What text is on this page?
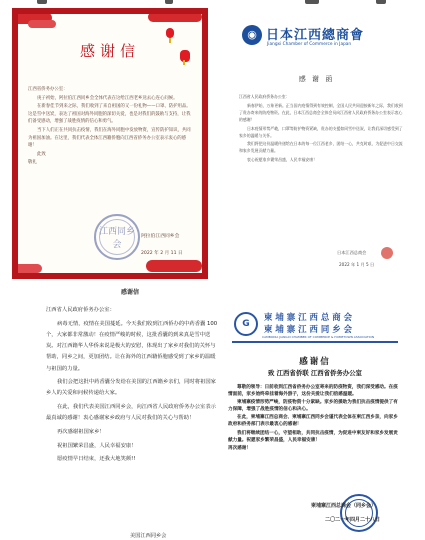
感谢信

江西省侨务办公室：

庚子初始，阿拉伯江西同乡会全体代表在这给江西老乡送去心连心问候。

在新春佳节到来之际，我们收到了来自祖国的又一份礼物——口罩、防护用品。这是雪中送炭，表达了祖国对海外同胞的深切关爱，也是对我们的鼓励与支持，让我们备受感动，增强了战胜疫情的信心和勇气。

当下人们正在共同抗击疫情，我们在海外同胞中发放物资，宣传防护知识，共同为祖国加油。在这里，我们代表全体江西籍侨胞向江西省侨务办公室表示衷心的感谢！

此致

敬礼

江西同乡会
阿拉伯江西同乡会
2022 年 2 月 11 日
◉ 日本江西總商會
Jiangxi Chamber of Commerce in Japan
感 谢 函

江西省人民政府侨务办公室：

新春伊始，万象更新。正当国内疫情得到有效控制，全国人民共同迎接新年之际，我们收到了贵办寄来的防疫物资。在此，日本江西总商会全体会员向江西省人民政府侨务办公室表示衷心的感谢！

日本疫情形势严峻，口罩等防护物资紧缺，贵办的支援如同雪中送炭，让我们深切感受到了家乡的温暖与关怀。

我们将把这份温暖传递给在日本的每一位江西老乡，团结一心，共克时艰，为促进中日交流和家乡发展贡献力量。

衷心祝愿家乡繁荣昌盛，人民幸福安康！

日本江西总商会
2022 年 1 月 5 日
感谢信

江西省人民政府侨务办公室：

病毒无情，疫情在美国蔓延。今天我们收到江西侨办的中药香囊 100 个，大家都非常激动！在疫情严峻的时候，这批香囊的到来真是雪中送炭。对江西籍华人华侨来说是极大的安慰，体现出了家乡对我们的关怀与帮助，同乡之间，更加团结。让在海外的江西籍侨胞感受到了家乡的温暖与祖国的力量。

我们会把这批中药香囊分发给在美国的江西籍乡亲们，同时将祖国家乡人的关爱和问候传递给大家。

在此，我们代表美国江西同乡会，向江西省人民政府侨务办公室表示最真诚的感谢！衷心感谢家乡政府与人民对我们的关心与帮助！

再次感谢祖国家乡！

祝祖国繁荣昌盛，人民幸福安康！

愿疫情早日结束，还我大地笑颜!!

美国江西同乡会
G
柬埔寨江西总商会
柬埔寨江西同乡会
CAMBODIA JIANGXI CHAMBER OF COMMERCE & HOMETOWN ASSOCIATION
感谢信
致 江西省侨联 江西省侨务办公室

尊敬的领导：日前收到江西省侨务办公室寄来的防疫物资，我们深受感动。在疫情面前，家乡始终牵挂着海外游子，这份关爱让我们倍感温暖。

柬埔寨疫情形势严峻，防疫物资十分紧缺。家乡的援助为我们抗击疫情提供了有力保障，增强了战胜疫情的信心和决心。

在此，柬埔寨江西总商会、柬埔寨江西同乡会谨代表全体在柬江西乡亲，向家乡政府和侨务部门表示最衷心的感谢！

我们将继续团结一心，守望相助，共同抗击疫情，为促进中柬友好和家乡发展贡献力量。祝愿家乡繁荣昌盛，人民幸福安康！

再次感谢！

柬埔寨江西总商会（同乡会）
二〇二一年四月二十八日
